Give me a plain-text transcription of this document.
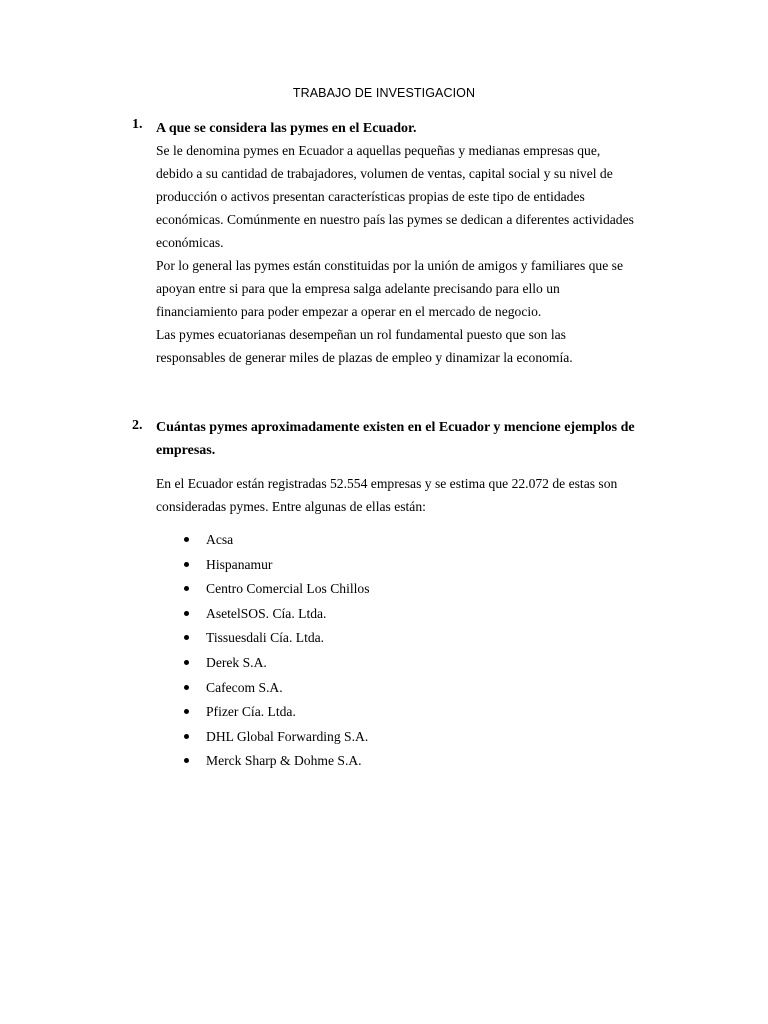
TRABAJO DE INVESTIGACION
1. A que se considera las pymes en el Ecuador.
Se le denomina pymes en Ecuador a aquellas pequeñas y medianas empresas que,
debido a su cantidad de trabajadores, volumen de ventas, capital social y su nivel de
producción o activos presentan características propias de este tipo de entidades
económicas. Comúnmente en nuestro país las pymes se dedican a diferentes actividades
económicas.
Por lo general las pymes están constituidas por la unión de amigos y familiares que se
apoyan entre si para que la empresa salga adelante precisando para ello un
financiamiento para poder empezar a operar en el mercado de negocio.
Las pymes ecuatorianas desempeñan un rol fundamental puesto que son las
responsables de generar miles de plazas de empleo y dinamizar la economía.
2. Cuántas pymes aproximadamente existen en el Ecuador y mencione ejemplos de
empresas.
En el Ecuador están registradas 52.554 empresas y se estima que 22.072 de estas son
consideradas pymes. Entre algunas de ellas están:
Acsa
Hispanamur
Centro Comercial Los Chillos
AsetelSOS. Cía. Ltda.
Tissuesdali Cía. Ltda.
Derek S.A.
Cafecom S.A.
Pfizer Cía. Ltda.
DHL Global Forwarding S.A.
Merck Sharp & Dohme S.A.
